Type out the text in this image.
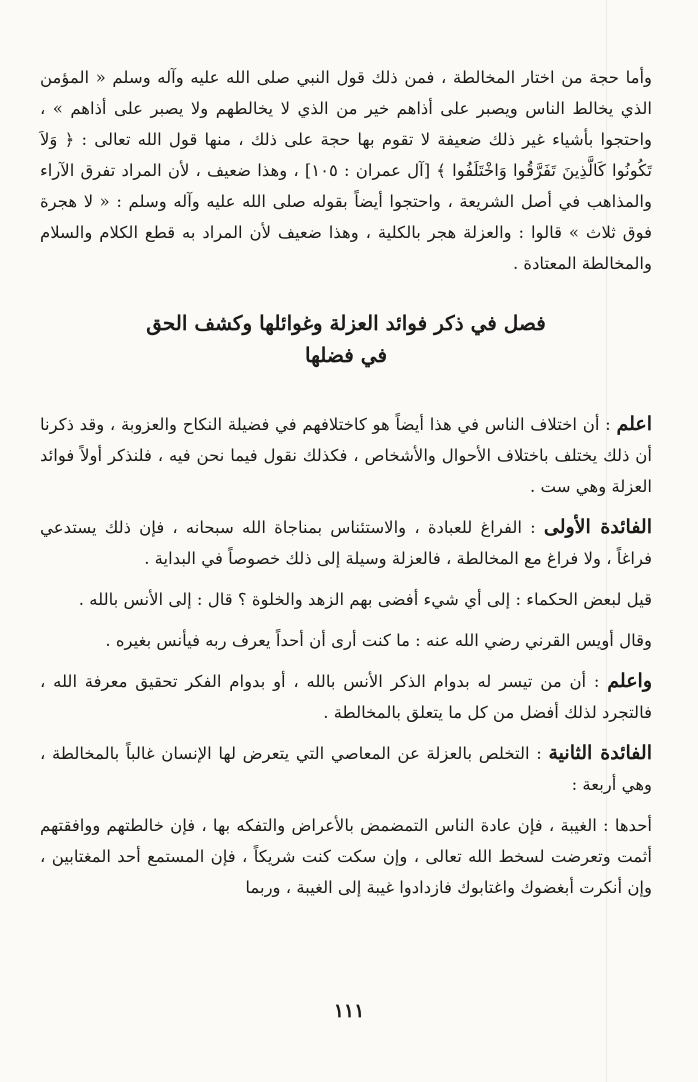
وأما حجة من اختار المخالطة ، فمن ذلك قول النبي صلى الله عليه وآله وسلم « المؤمن الذي يخالط الناس ويصبر على أذاهم خير من الذي لا يخالطهم ولا يصبر على أذاهم » ، واحتجوا بأشياء غير ذلك ضعيفة لا تقوم بها حجة على ذلك ، منها قول الله تعالى : ﴿ وَلاَ تَكُونُوا كَالَّذِينَ تَفَرَّقُوا وَاخْتَلَفُوا ﴾ [آل عمران : ١٠٥] ، وهذا ضعيف ، لأن المراد تفرق الآراء والمذاهب في أصل الشريعة ، واحتجوا أيضاً بقوله صلى الله عليه وآله وسلم : « لا هجرة فوق ثلاث » قالوا : والعزلة هجر بالكلية ، وهذا ضعيف لأن المراد به قطع الكلام والسلام والمخالطة المعتادة .

فصل في ذكر فوائد العزلة وغوائلها وكشف الحق
في فضلها

اعلم : أن اختلاف الناس في هذا أيضاً هو كاختلافهم في فضيلة النكاح والعزوبة ، وقد ذكرنا أن ذلك يختلف باختلاف الأحوال والأشخاص ، فكذلك نقول فيما نحن فيه ، فلنذكر أولاً فوائد العزلة وهي ست .

الفائدة الأولى : الفراغ للعبادة ، والاستئناس بمناجاة الله سبحانه ، فإن ذلك يستدعي فراغاً ، ولا فراغ مع المخالطة ، فالعزلة وسيلة إلى ذلك خصوصاً في البداية .

قيل لبعض الحكماء : إلى أي شيء أفضى بهم الزهد والخلوة ؟ قال : إلى الأنس بالله .

وقال أويس القرني رضي الله عنه : ما كنت أرى أن أحداً يعرف ربه فيأنس بغيره .

واعلم : أن من تيسر له بدوام الذكر الأنس بالله ، أو بدوام الفكر تحقيق معرفة الله ، فالتجرد لذلك أفضل من كل ما يتعلق بالمخالطة .

الفائدة الثانية : التخلص بالعزلة عن المعاصي التي يتعرض لها الإنسان غالباً بالمخالطة ، وهي أربعة :

أحدها : الغيبة ، فإن عادة الناس التمضمض بالأعراض والتفكه بها ، فإن خالطتهم ووافقتهم أثمت وتعرضت لسخط الله تعالى ، وإن سكت كنت شريكاً ، فإن المستمع أحد المغتابين ، وإن أنكرت أبغضوك واغتابوك فازدادوا غيبة إلى الغيبة ، وربما

١١١
